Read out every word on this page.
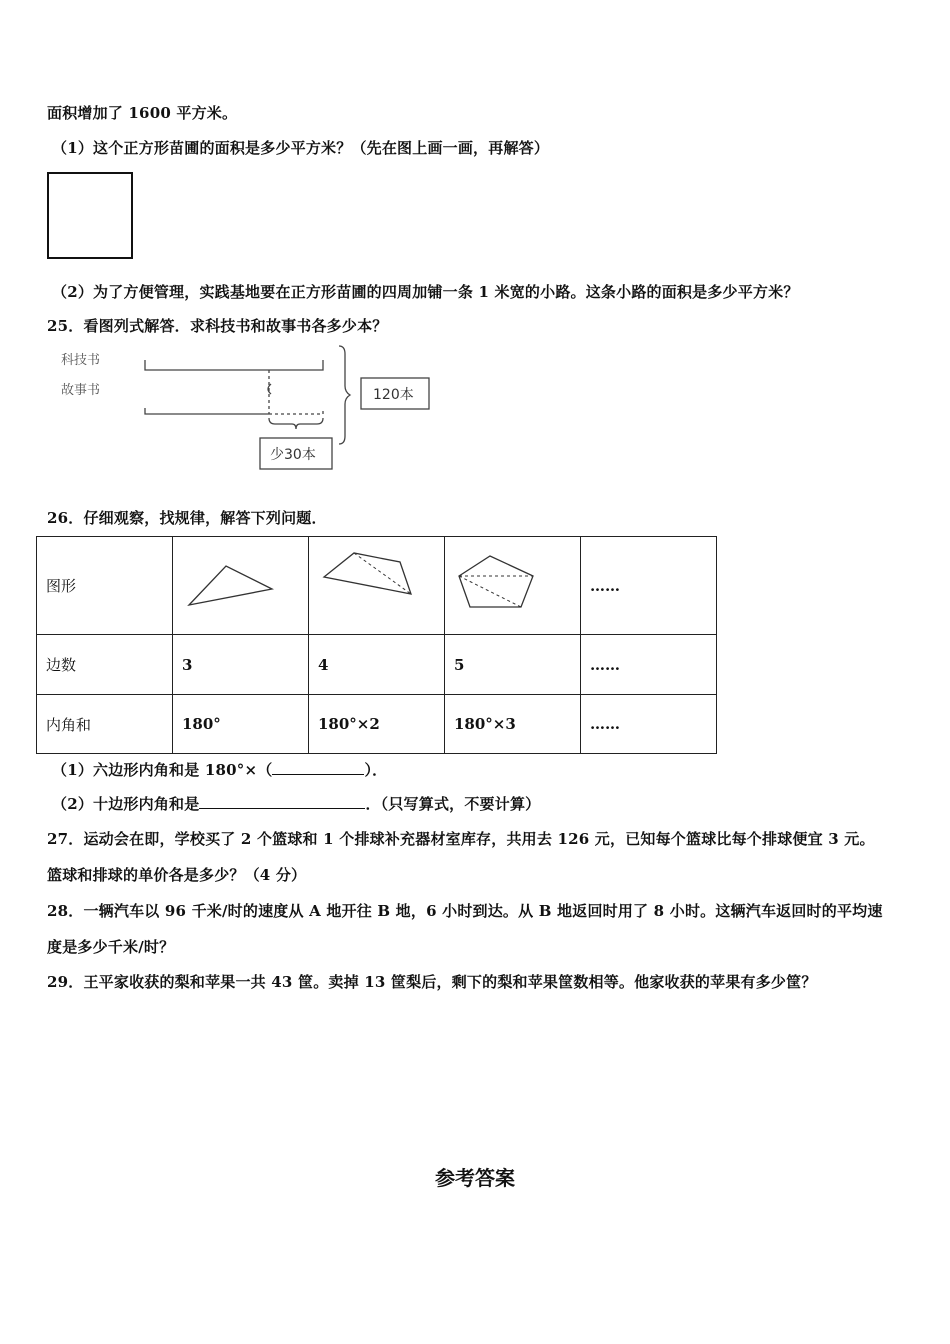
面积增加了 1600 平方米。
（1）这个正方形苗圃的面积是多少平方米？（先在图上画一画，再解答）
（2）为了方便管理，实践基地要在正方形苗圃的四周加铺一条 1 米宽的小路。这条小路的面积是多少平方米？
25．看图列式解答．求科技书和故事书各多少本？
科技书
故事书	120本
少30本
26．仔细观察，找规律，解答下列问题．
图形				……
边数	3	4	5	……
内角和	180°	180°×2	180°×3	……
（1）六边形内角和是 180°×（	）．
（2）十边形内角和是	．（只写算式，不要计算）
27．运动会在即，学校买了 2 个篮球和 1 个排球补充器材室库存，共用去 126 元，已知每个篮球比每个排球便宜 3 元。
篮球和排球的单价各是多少？（4 分）
28．一辆汽车以 96 千米/时的速度从 A 地开往 B 地，6 小时到达。从 B 地返回时用了 8 小时。这辆汽车返回时的平均速
度是多少千米/时？
29．王平家收获的梨和苹果一共 43 筐。卖掉 13 筐梨后，剩下的梨和苹果筐数相等。他家收获的苹果有多少筐？
参考答案
